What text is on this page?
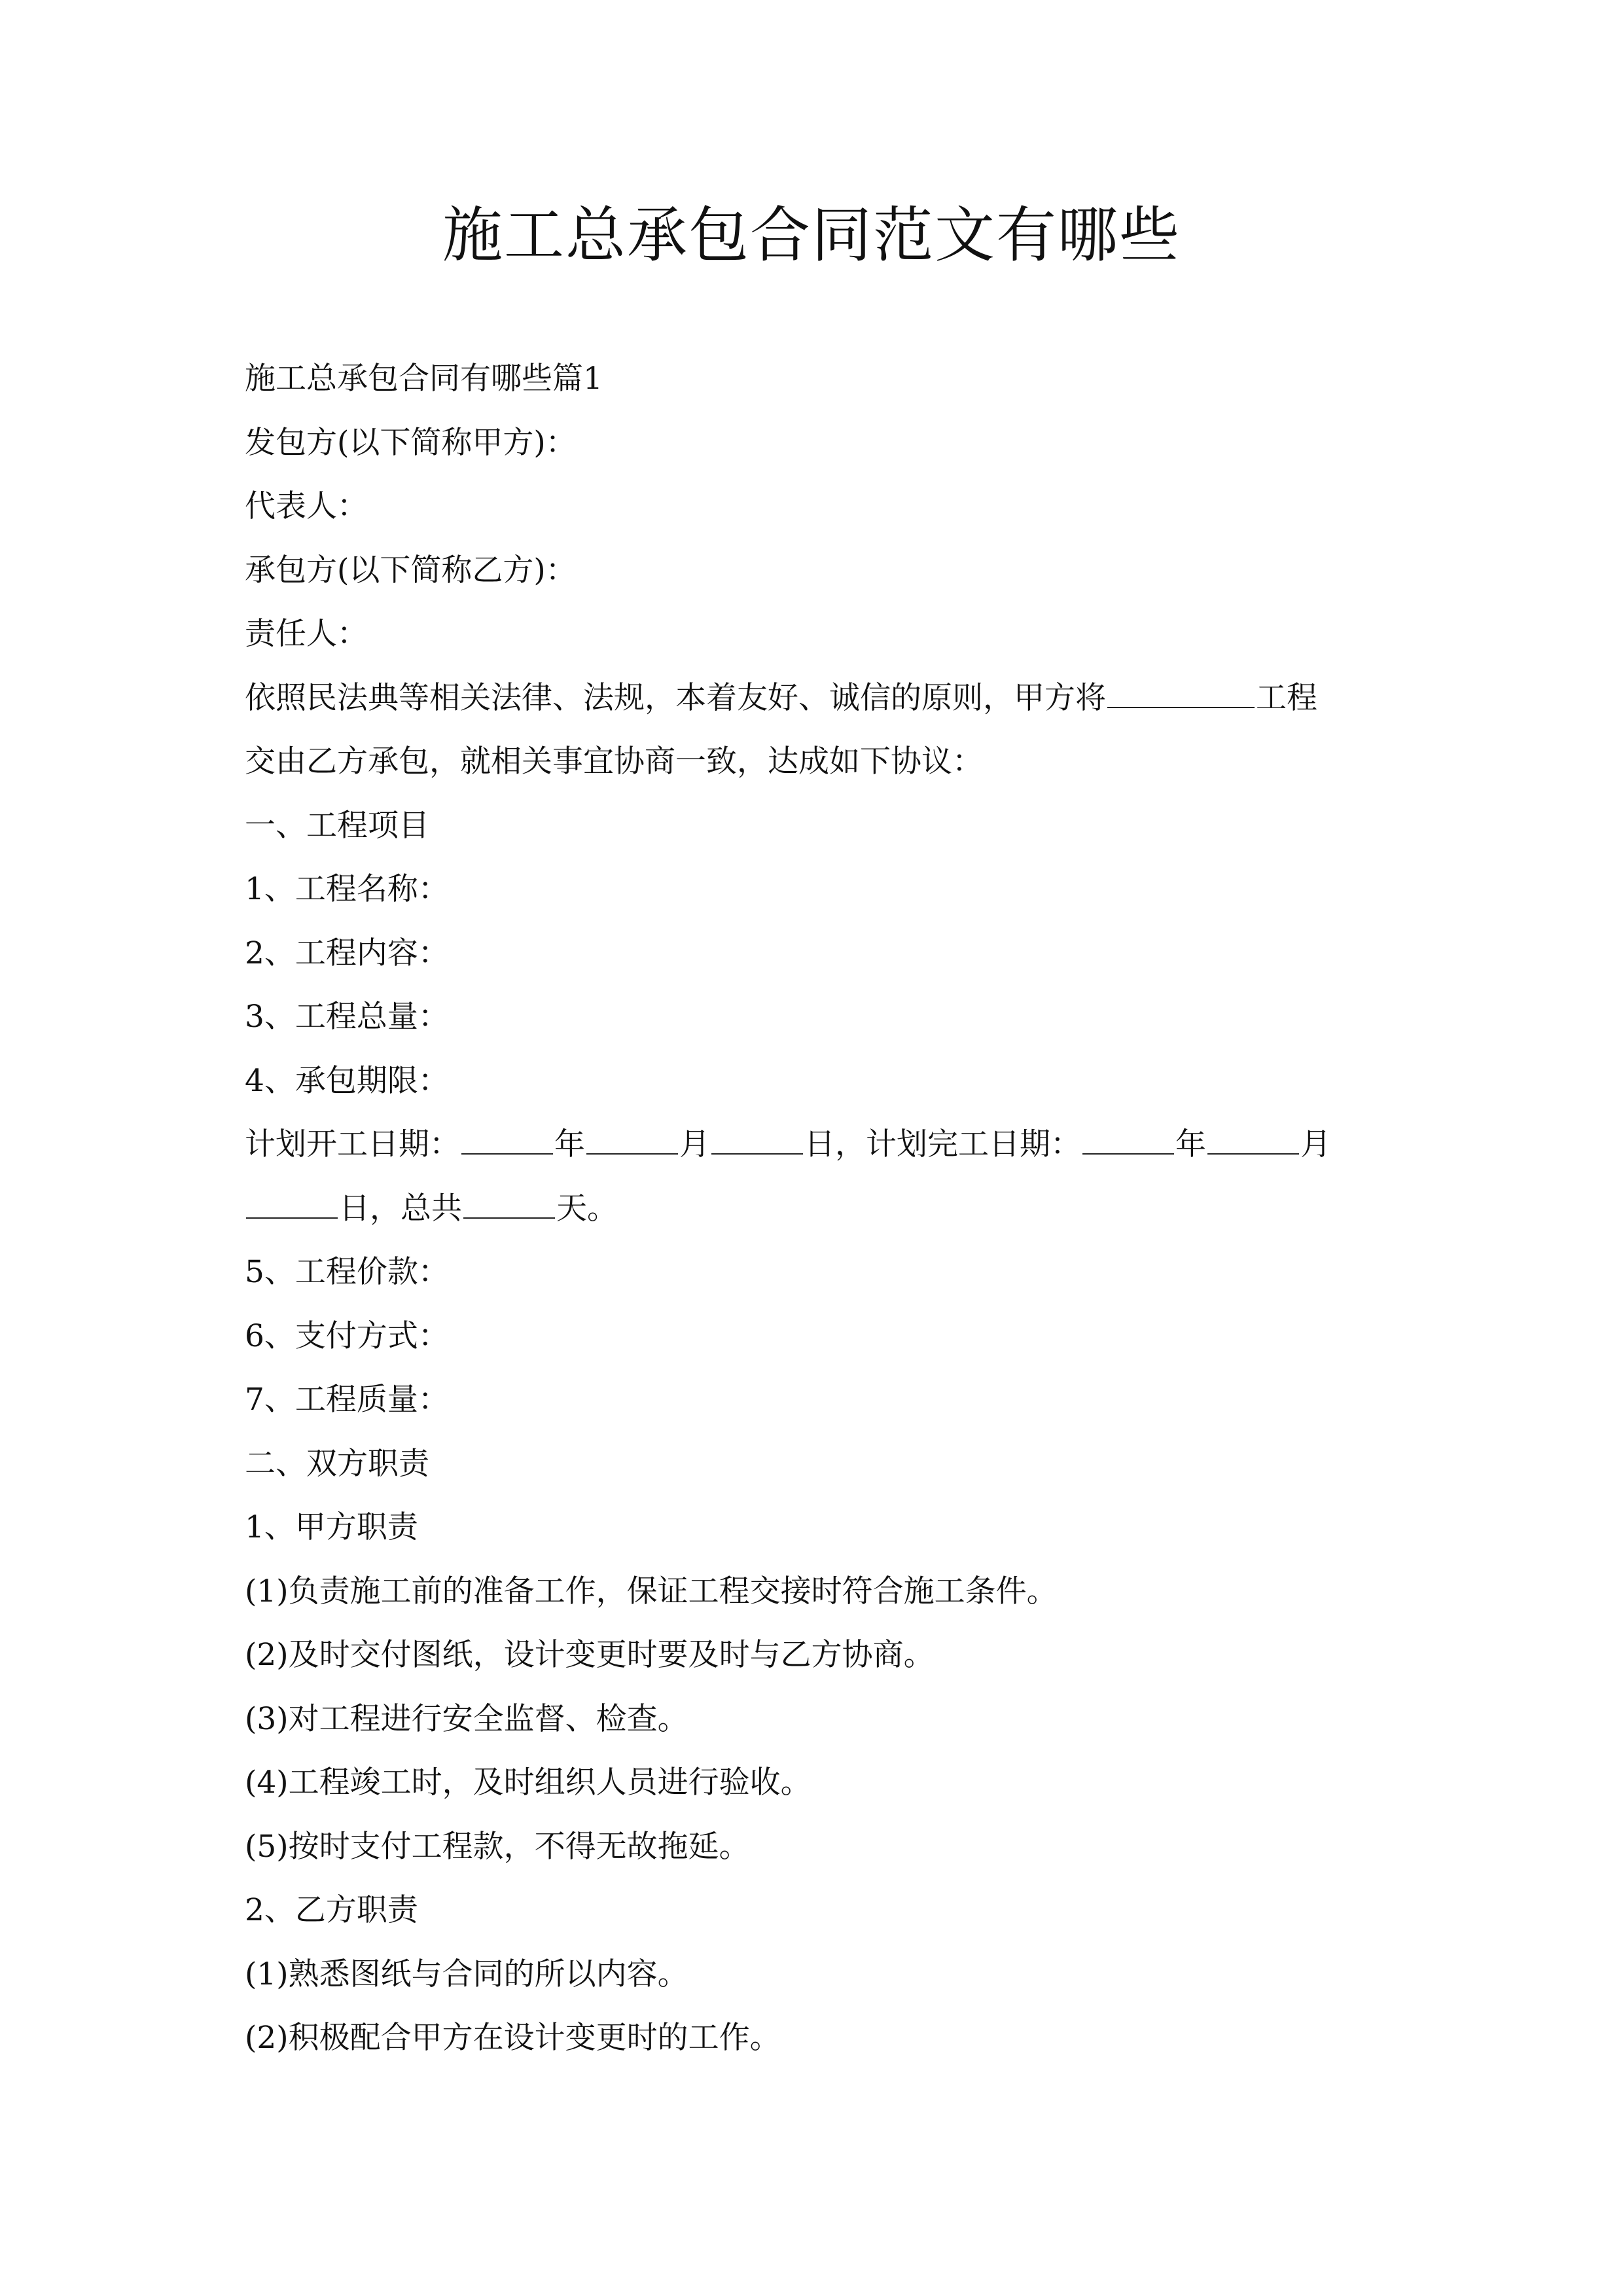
施工总承包合同范文有哪些
施工总承包合同有哪些篇1
发包方(以下简称甲方)：
代表人：
承包方(以下简称乙方)：
责任人：
依照民法典等相关法律、法规，本着友好、诚信的原则，甲方将	工程
交由乙方承包，就相关事宜协商一致，达成如下协议：
一、工程项目
1、工程名称：
2、工程内容：
3、工程总量：
4、承包期限：
计划开工日期：	年	月	日，计划完工日期：	年	月
日，总共	天。
5、工程价款：
6、支付方式：
7、工程质量：
二、双方职责
1、甲方职责
(1)负责施工前的准备工作，保证工程交接时符合施工条件。
(2)及时交付图纸，设计变更时要及时与乙方协商。
(3)对工程进行安全监督、检查。
(4)工程竣工时，及时组织人员进行验收。
(5)按时支付工程款，不得无故拖延。
2、乙方职责
(1)熟悉图纸与合同的所以内容。
(2)积极配合甲方在设计变更时的工作。
